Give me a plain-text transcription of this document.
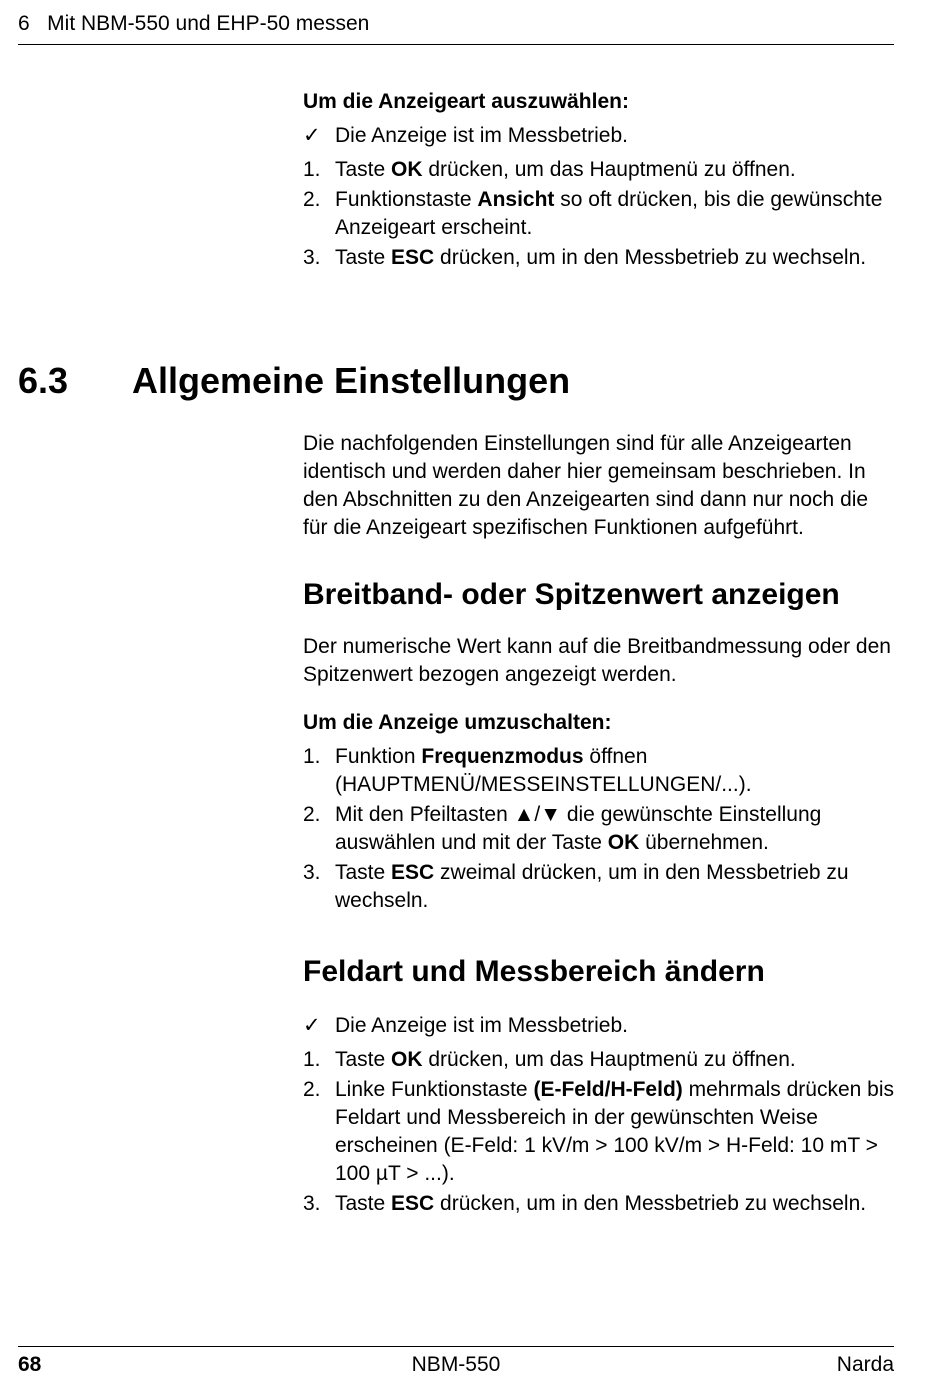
6   Mit NBM-550 und EHP-50 messen

Um die Anzeigeart auszuwählen:

✓ Die Anzeige ist im Messbetrieb.

1. Taste OK drücken, um das Hauptmenü zu öffnen.

2. Funktionstaste Ansicht so oft drücken, bis die gewünschte Anzeigeart erscheint.

3. Taste ESC drücken, um in den Messbetrieb zu wechseln.

6.3 Allgemeine Einstellungen

Die nachfolgenden Einstellungen sind für alle Anzeigearten identisch und werden daher hier gemeinsam beschrieben. In den Abschnitten zu den Anzeigearten sind dann nur noch die für die Anzeigeart spezifischen Funktionen aufgeführt.

Breitband- oder Spitzenwert anzeigen

Der numerische Wert kann auf die Breitbandmessung oder den Spitzenwert bezogen angezeigt werden.

Um die Anzeige umzuschalten:

1. Funktion Frequenzmodus öffnen (HAUPTMENÜ/MESSEINSTELLUNGEN/...).

2. Mit den Pfeiltasten ▲/▼ die gewünschte Einstellung auswählen und mit der Taste OK übernehmen.

3. Taste ESC zweimal drücken, um in den Messbetrieb zu wechseln.

Feldart und Messbereich ändern

✓ Die Anzeige ist im Messbetrieb.

1. Taste OK drücken, um das Hauptmenü zu öffnen.

2. Linke Funktionstaste (E-Feld/H-Feld) mehrmals drücken bis Feldart und Messbereich in der gewünschten Weise erscheinen (E-Feld: 1 kV/m > 100 kV/m > H-Feld: 10 mT > 100 µT > ...).

3. Taste ESC drücken, um in den Messbetrieb zu wechseln.

NBM-550
68	Narda
